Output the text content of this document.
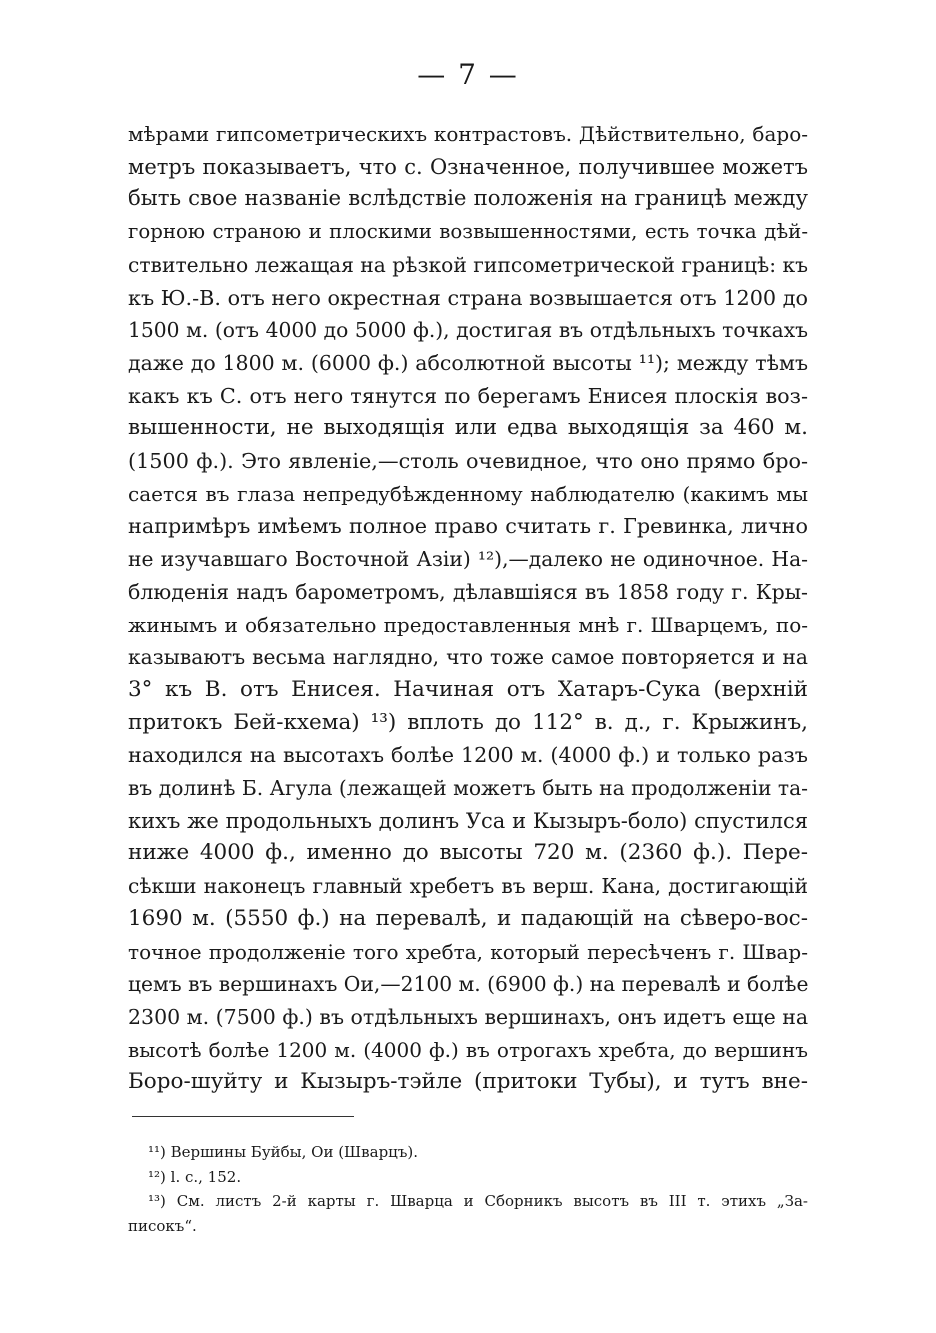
— 7 —
мѣрами гипсометрическихъ контрастовъ. Дѣйствительно, баро-
метръ показываетъ, что с. Означенное, получившее можетъ
быть свое названіе вслѣдствіе положенія на границѣ между
горною страною и плоскими возвышенностями, есть точка дѣй-
ствительно лежащая на рѣзкой гипсометрической границѣ: къ
къ Ю.-В. отъ него окрестная страна возвышается отъ 1200 до
1500 м. (отъ 4000 до 5000 ф.), достигая въ отдѣльныхъ точкахъ
даже до 1800 м. (6000 ф.) абсолютной высоты ¹¹); между тѣмъ
какъ къ С. отъ него тянутся по берегамъ Енисея плоскія воз-
вышенности, не выходящія или едва выходящія за 460 м.
(1500 ф.). Это явленіе,—столь очевидное, что оно прямо бро-
сается въ глаза непредубѣжденному наблюдателю (какимъ мы
напримѣръ имѣемъ полное право считать г. Гревинка, лично
не изучавшаго Восточной Азіи) ¹²),—далеко не одиночное. На-
блюденія надъ барометромъ, дѣлавшіяся въ 1858 году г. Кры-
жинымъ и обязательно предоставленныя мнѣ г. Шварцемъ, по-
казываютъ весьма наглядно, что тоже самое повторяется и на
3° къ В. отъ Енисея. Начиная отъ Хатаръ-Сука (верхній
притокъ Бей-кхема) ¹³) вплоть до 112° в. д., г. Крыжинъ,
находился на высотахъ болѣе 1200 м. (4000 ф.) и только разъ
въ долинѣ Б. Агула (лежащей можетъ быть на продолженіи та-
кихъ же продольныхъ долинъ Уса и Кызыръ-боло) спустился
ниже 4000 ф., именно до высоты 720 м. (2360 ф.). Пере-
сѣкши наконецъ главный хребетъ въ верш. Кана, достигающій
1690 м. (5550 ф.) на перевалѣ, и падающій на сѣверо-вос-
точное продолженіе того хребта, который пересѣченъ г. Швар-
цемъ въ вершинахъ Ои,—2100 м. (6900 ф.) на перевалѣ и болѣе
2300 м. (7500 ф.) въ отдѣльныхъ вершинахъ, онъ идетъ еще на
высотѣ болѣе 1200 м. (4000 ф.) въ отрогахъ хребта, до вершинъ
Боро-шуйту и Кызыръ-тэйле (притоки Тубы), и тутъ вне-
¹¹) Вершины Буйбы, Ои (Шварцъ).
¹²) l. c., 152.
¹³) См. листъ 2-й карты г. Шварца и Сборникъ высотъ въ III т. этихъ „За-
писокъ“.
